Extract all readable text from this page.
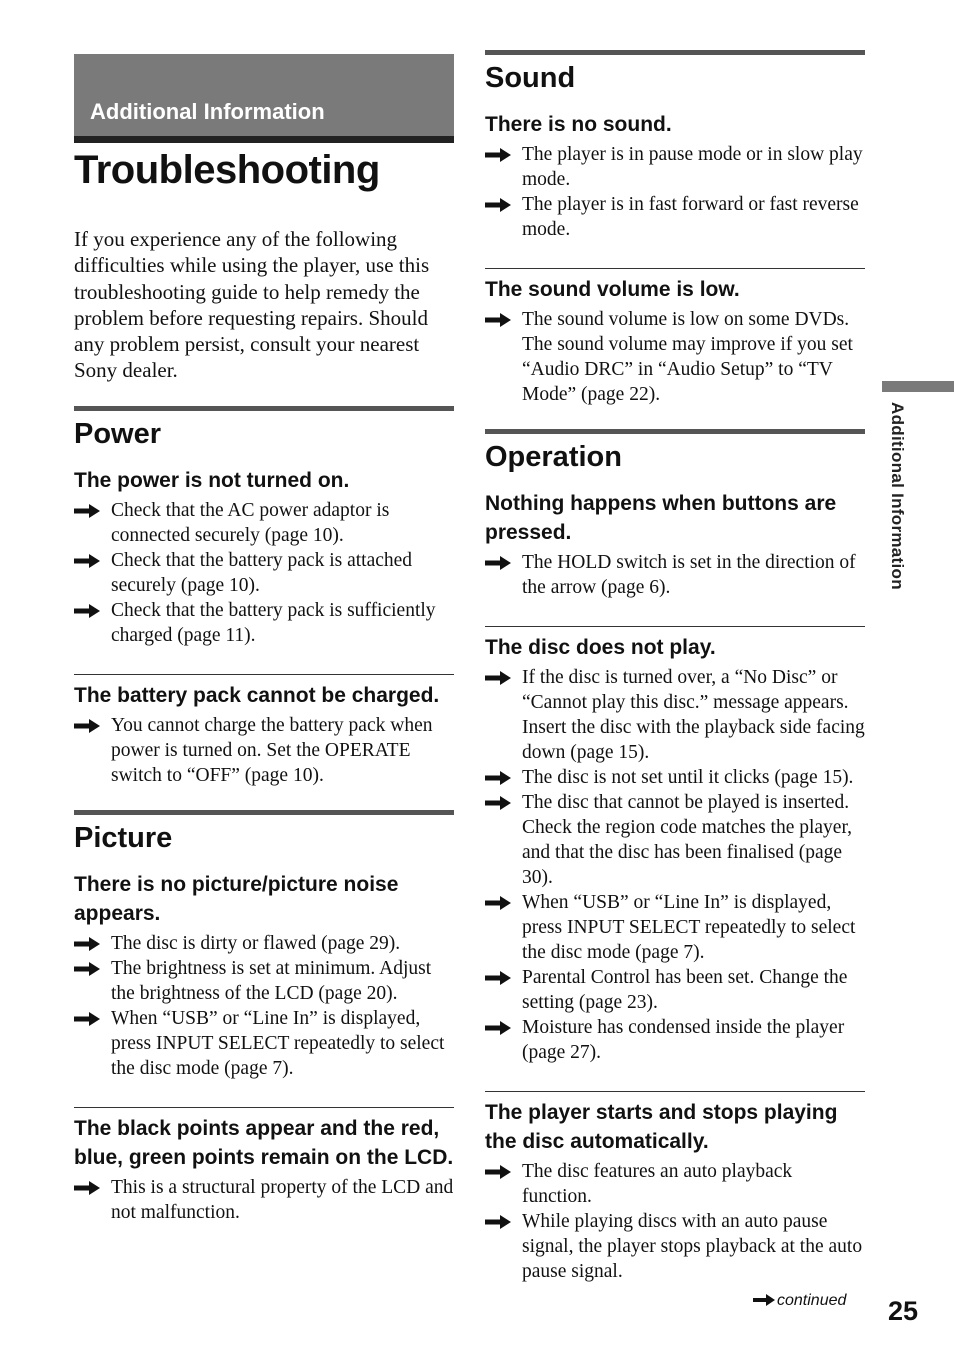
Additional Information
Troubleshooting

If you experience any of the following difficulties while using the player, use this troubleshooting guide to help remedy the problem before requesting repairs. Should any problem persist, consult your nearest Sony dealer.

Power
The power is not turned on.
Check that the AC power adaptor is connected securely (page 10).
Check that the battery pack is attached securely (page 10).
Check that the battery pack is sufficiently charged (page 11).
The battery pack cannot be charged.
You cannot charge the battery pack when power is turned on. Set the OPERATE switch to “OFF” (page 10).
Picture
There is no picture/picture noise appears.
The disc is dirty or flawed (page 29).
The brightness is set at minimum. Adjust the brightness of the LCD (page 20).
When “USB” or “Line In” is displayed, press INPUT SELECT repeatedly to select the disc mode (page 7).
The black points appear and the red, blue, green points remain on the LCD.
This is a structural property of the LCD and not malfunction.
Sound
There is no sound.
The player is in pause mode or in slow play mode.
The player is in fast forward or fast reverse mode.
The sound volume is low.
The sound volume is low on some DVDs. The sound volume may improve if you set “Audio DRC” in “Audio Setup” to “TV Mode” (page 22).
Operation
Nothing happens when buttons are pressed.
The HOLD switch is set in the direction of the arrow (page 6).
The disc does not play.
If the disc is turned over, a “No Disc” or “Cannot play this disc.” message appears. Insert the disc with the playback side facing down (page 15).
The disc is not set until it clicks (page 15).
The disc that cannot be played is inserted. Check the region code matches the player, and that the disc has been finalised (page 30).
When “USB” or “Line In” is displayed, press INPUT SELECT repeatedly to select the disc mode (page 7).
Parental Control has been set. Change the setting (page 23).
Moisture has condensed inside the player (page 27).
The player starts and stops playing the disc automatically.
The disc features an auto playback function.
While playing discs with an auto pause signal, the player stops playback at the auto pause signal.
Additional Information
continued 25
